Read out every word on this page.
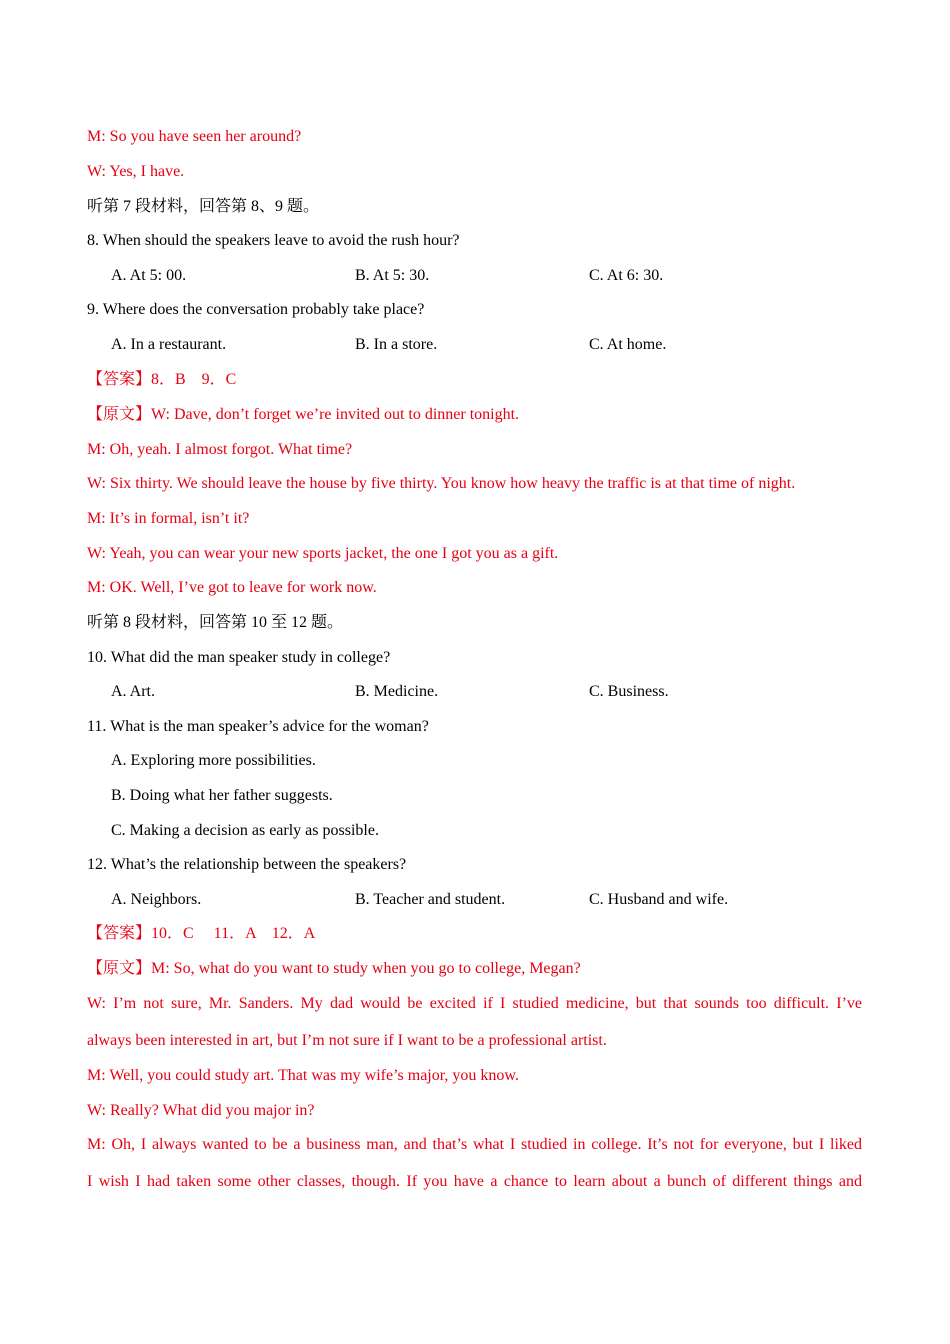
M: So you have seen her around?
W: Yes, I have.
听第 7 段材料，回答第 8、9 题。
8. When should the speakers leave to avoid the rush hour?
A. At 5: 00.	B. At 5: 30.	C. At 6: 30.
9. Where does the conversation probably take place?
A. In a restaurant.	B. In a store.	C. At home.
【答案】8．B　9．C
【原文】W: Dave, don’t forget we’re invited out to dinner tonight.
M: Oh, yeah. I almost forgot. What time?
W: Six thirty. We should leave the house by five thirty. You know how heavy the traffic is at that time of night.
M: It’s in formal, isn’t it?
W: Yeah, you can wear your new sports jacket, the one I got you as a gift.
M: OK. Well, I’ve got to leave for work now.
听第 8 段材料，回答第 10 至 12 题。
10. What did the man speaker study in college?
A. Art.	B. Medicine.	C. Business.
11. What is the man speaker’s advice for the woman?
A. Exploring more possibilities.
B. Doing what her father suggests.
C. Making a decision as early as possible.
12. What’s the relationship between the speakers?
A. Neighbors.	B. Teacher and student.	C. Husband and wife.
【答案】10．C　 11．A　12．A
【原文】M: So, what do you want to study when you go to college, Megan?
W: I’m not sure, Mr. Sanders. My dad would be excited if I studied medicine, but that sounds too difficult. I’ve
always been interested in art, but I’m not sure if I want to be a professional artist.
M: Well, you could study art. That was my wife’s major, you know.
W: Really? What did you major in?
M: Oh, I always wanted to be a business man, and that’s what I studied in college. It’s not for everyone, but I liked
I wish I had taken some other classes, though. If you have a chance to learn about a bunch of different things and
